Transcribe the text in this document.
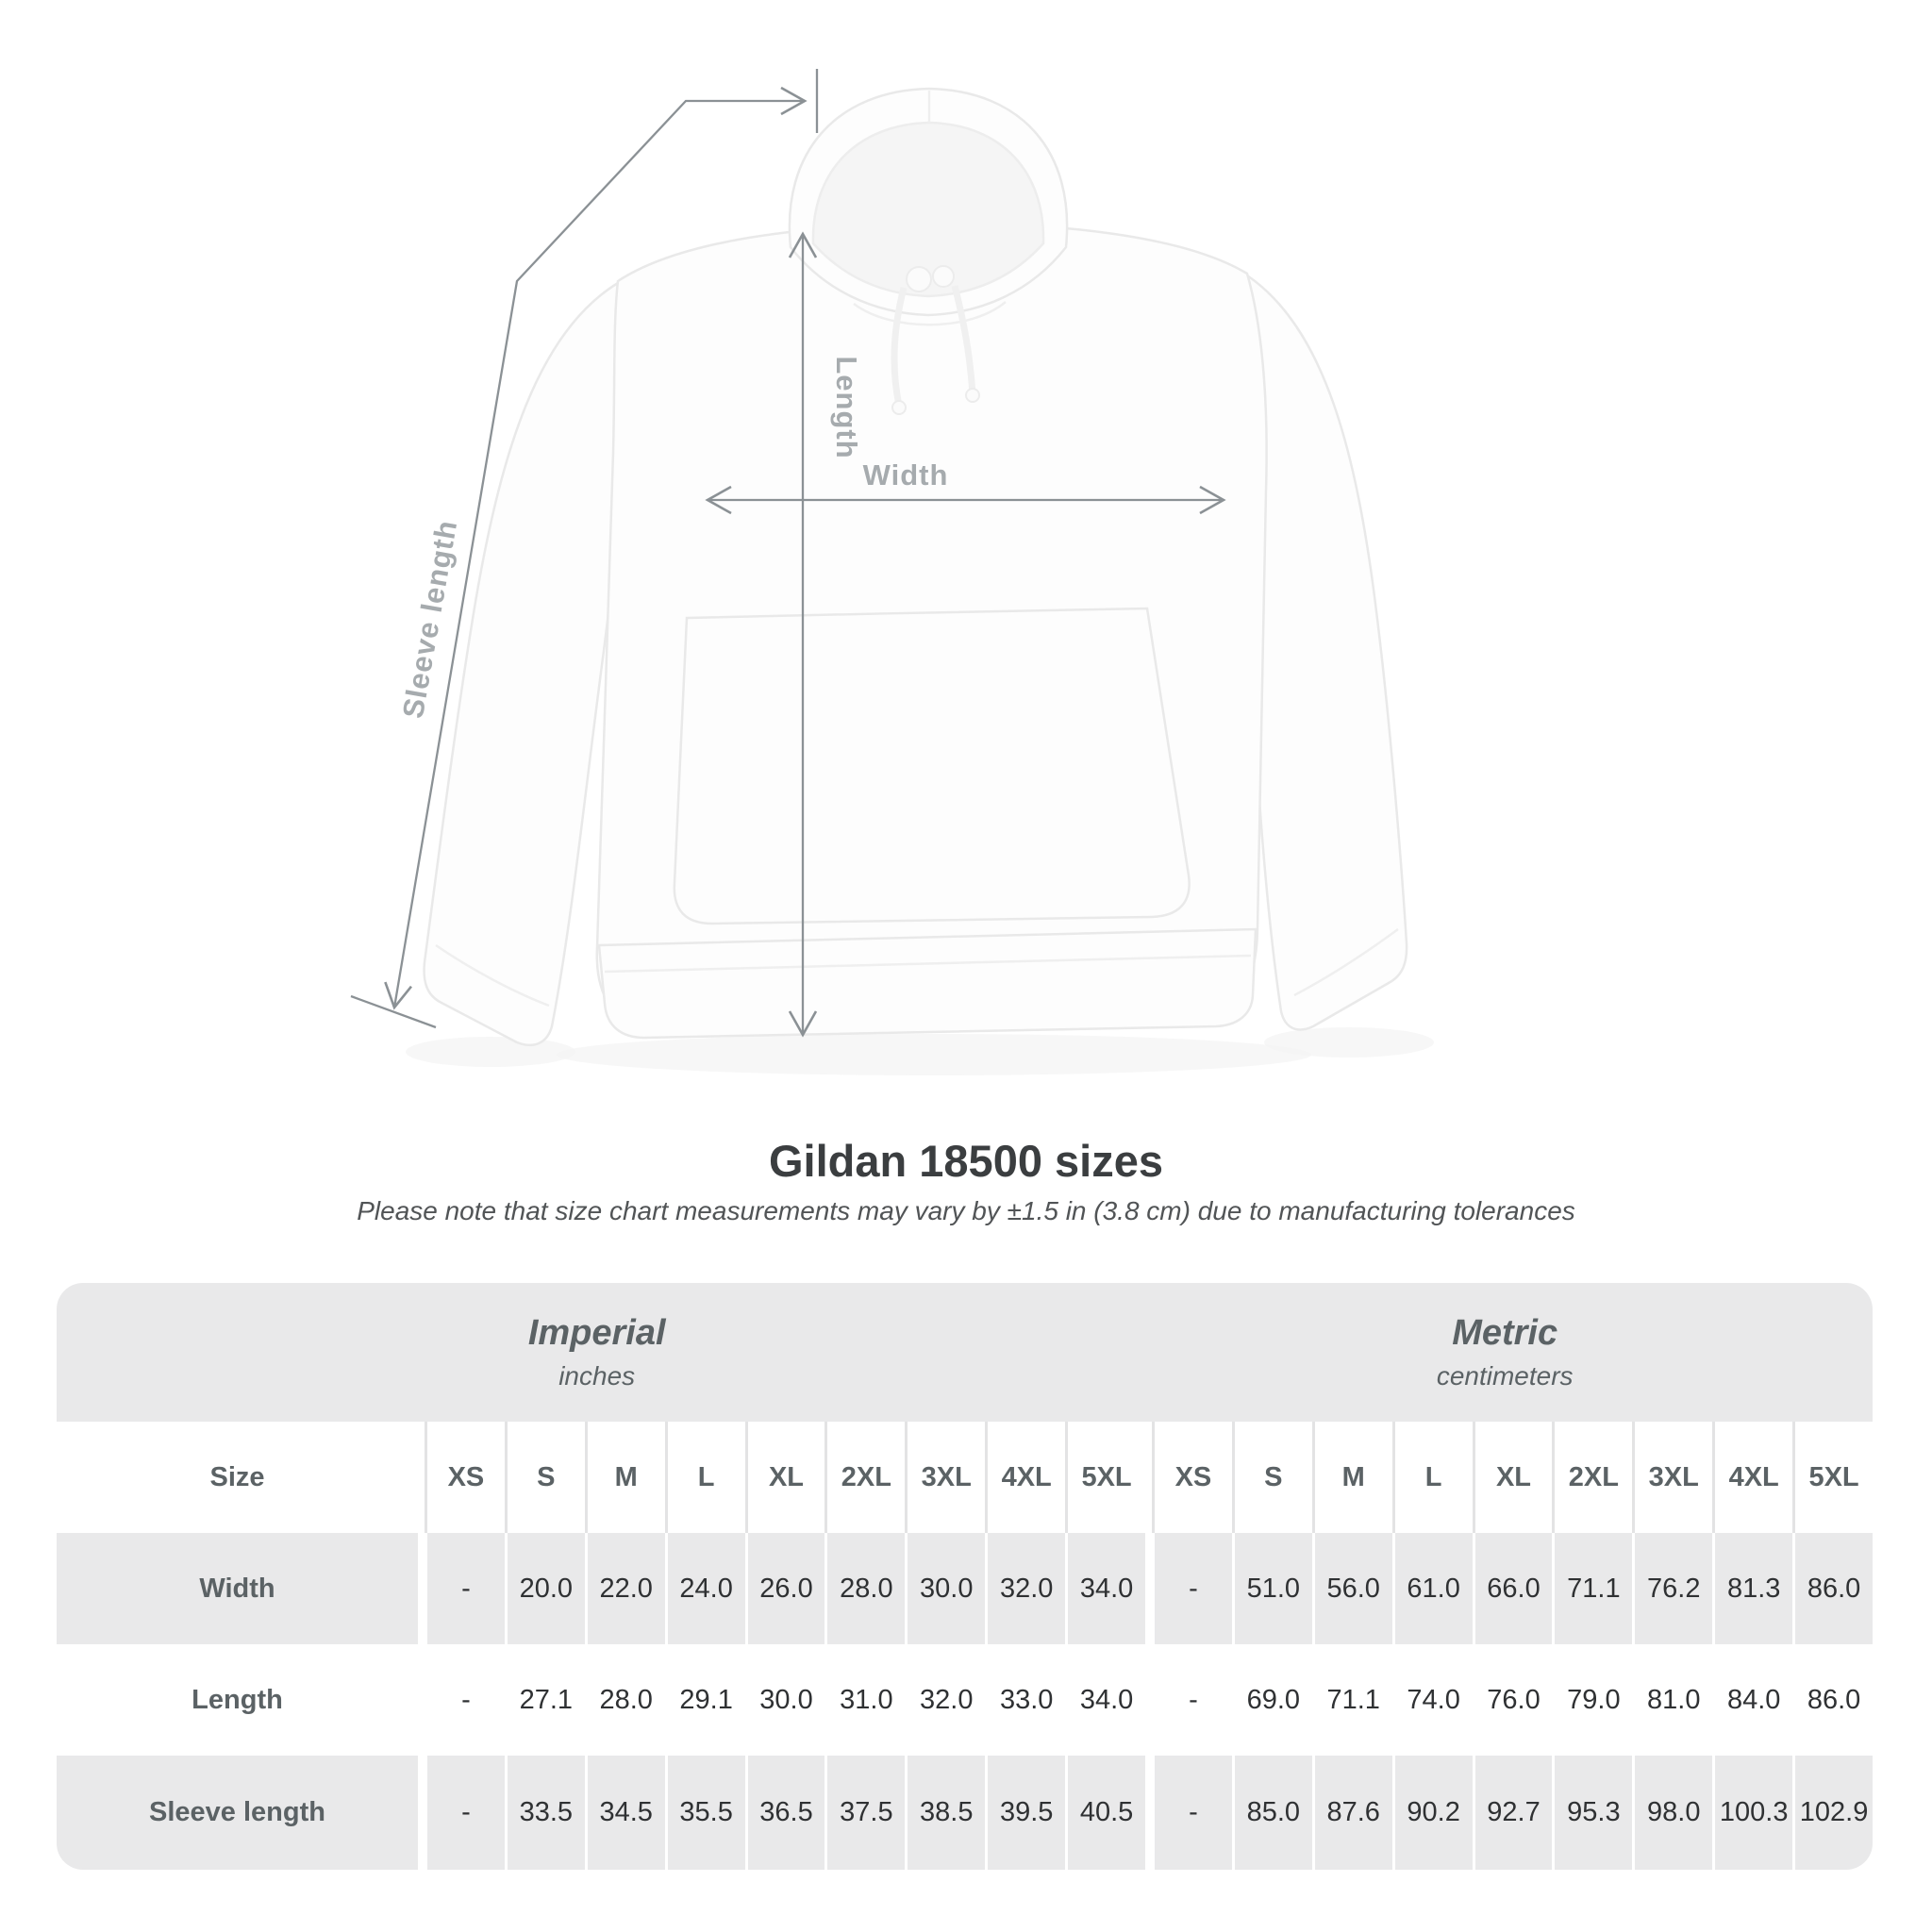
Length
Width
Sleeve length
Gildan 18500 sizes
Please note that size chart measurements may vary by ±1.5 in (3.8 cm) due to manufacturing tolerances
Imperial
inches
Metric
centimeters
Size	XS	S	M	L	XL	2XL	3XL	4XL	5XL	XS	S	M	L	XL	2XL	3XL	4XL	5XL
Width	-	20.0 22.0 24.0 26.0 28.0 30.0 32.0 34.0	-	51.0 56.0 61.0 66.0 71.1 76.2 81.3 86.0
Length	-	27.1 28.0 29.1 30.0 31.0 32.0 33.0 34.0	-	69.0 71.1 74.0 76.0 79.0 81.0 84.0 86.0
Sleeve length	-	33.5 34.5 35.5 36.5 37.5 38.5 39.5 40.5	-	85.0 87.6 90.2 92.7 95.3 98.0 100.3 102.9
